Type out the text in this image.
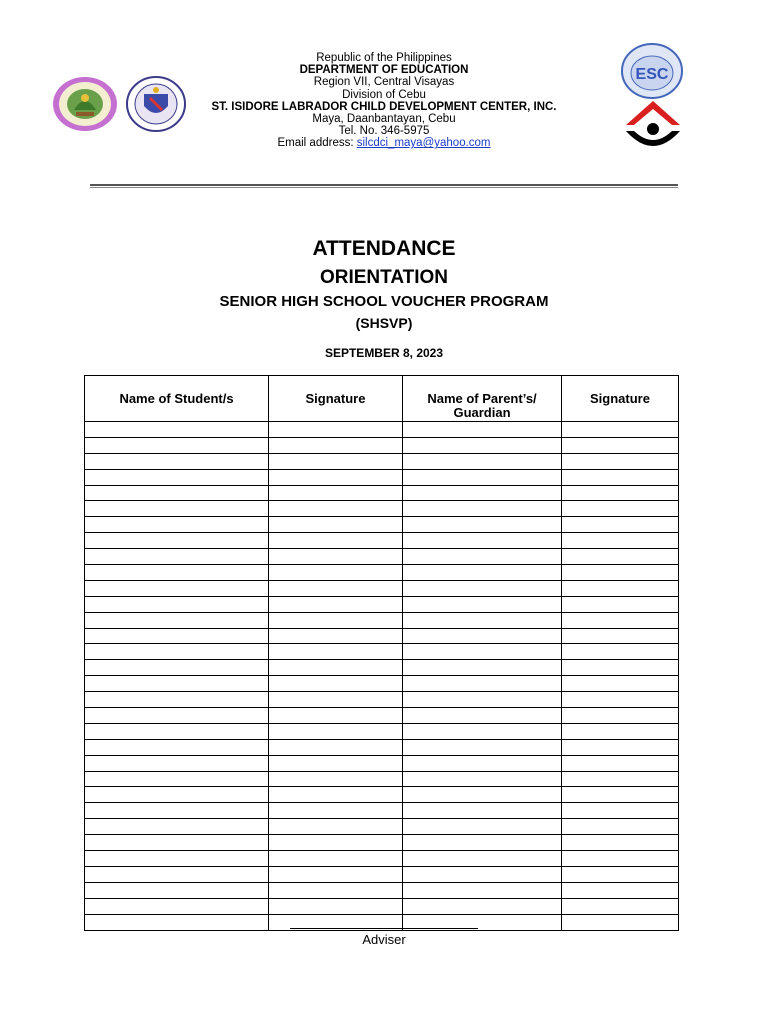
ESC
Republic of the Philippines
DEPARTMENT OF EDUCATION
Region VII, Central Visayas
Division of Cebu
ST. ISIDORE LABRADOR CHILD DEVELOPMENT CENTER, INC.
Maya, Daanbantayan, Cebu
Tel. No. 346-5975
Email address: silcdci_maya@yahoo.com
ATTENDANCE
ORIENTATION
SENIOR HIGH SCHOOL VOUCHER PROGRAM
(SHSVP)
SEPTEMBER 8, 2023
Name of Student/s	Signature	Name of Parent’s/ Guardian	Signature

Adviser
